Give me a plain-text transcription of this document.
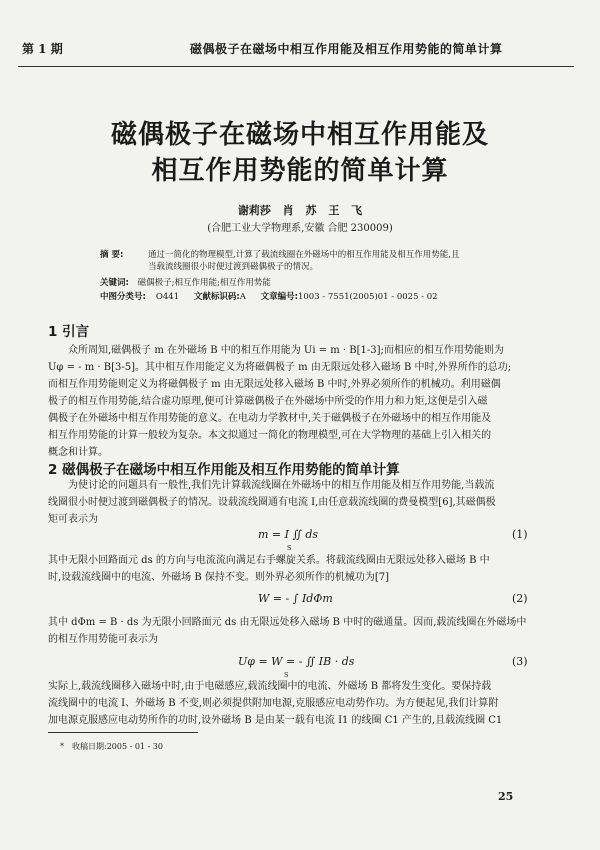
第 1 期	磁偶极子在磁场中相互作用能及相互作用势能的简单计算
磁偶极子在磁场中相互作用能及
相互作用势能的简单计算
谢莉莎 肖 苏 王 飞
(合肥工业大学物理系,安徽 合肥 230009)
摘 要:	通过一简化的物理模型,计算了载流线圈在外磁场中的相互作用能及相互作用势能,且
当载流线圈很小时便过渡到磁偶极子的情况。
关键词: 磁偶极子;相互作用能;相互作用势能
中图分类号: O441 文献标识码:A 文章编号:1003 - 7551(2005)01 - 0025 - 02
1 引言

众所周知,磁偶极子 m 在外磁场 B 中的相互作用能为 Ui = m · B[1-3];而相应的相互作用势能则为

Uφ = - m · B[3-5]。其中相互作用能定义为将磁偶极子 m 由无限远处移入磁场 B 中时,外界所作的总功;

而相互作用势能则定义为将磁偶极子 m 由无限远处移入磁场 B 中时,外界必须所作的机械功。利用磁偶

极子的相互作用势能,结合虚功原理,便可计算磁偶极子在外磁场中所受的作用力和力矩,这便是引入磁

偶极子在外磁场中相互作用势能的意义。在电动力学教材中,关于磁偶极子在外磁场中的相互作用能及

相互作用势能的计算一般较为复杂。本文拟通过一简化的物理模型,可在大学物理的基础上引入相关的

概念和计算。

2 磁偶极子在磁场中相互作用能及相互作用势能的简单计算

为使讨论的问题具有一般性,我们先计算载流线圈在外磁场中的相互作用能及相互作用势能,当载流

线圈很小时便过渡到磁偶极子的情况。设载流线圈通有电流 I,由任意载流线圈的费曼模型[6],其磁偶极

矩可表示为

m = I ∬ ds
S
(1)

其中无限小回路面元 ds 的方向与电流流向满足右手螺旋关系。将载流线圈由无限远处移入磁场 B 中

时,设载流线圈中的电流、外磁场 B 保持不变。则外界必须所作的机械功为[7]

W = - ∫ IdΦm	(2)

其中 dΦm = B · ds 为无限小回路面元 ds 由无限远处移入磁场 B 中时的磁通量。因而,载流线圈在外磁场中

的相互作用势能可表示为

Uφ = W = - ∬ IB · ds
S
(3)

实际上,载流线圈移入磁场中时,由于电磁感应,载流线圈中的电流、外磁场 B 都将发生变化。要保持载

流线圈中的电流 I、外磁场 B 不变,则必须提供附加电源,克服感应电动势作功。为方便起见,我们计算附

加电源克服感应电动势所作的功时,设外磁场 B 是由某一载有电流 I1 的线圈 C1 产生的,且载流线圈 C1

* 收稿日期:2005 - 01 - 30
25
